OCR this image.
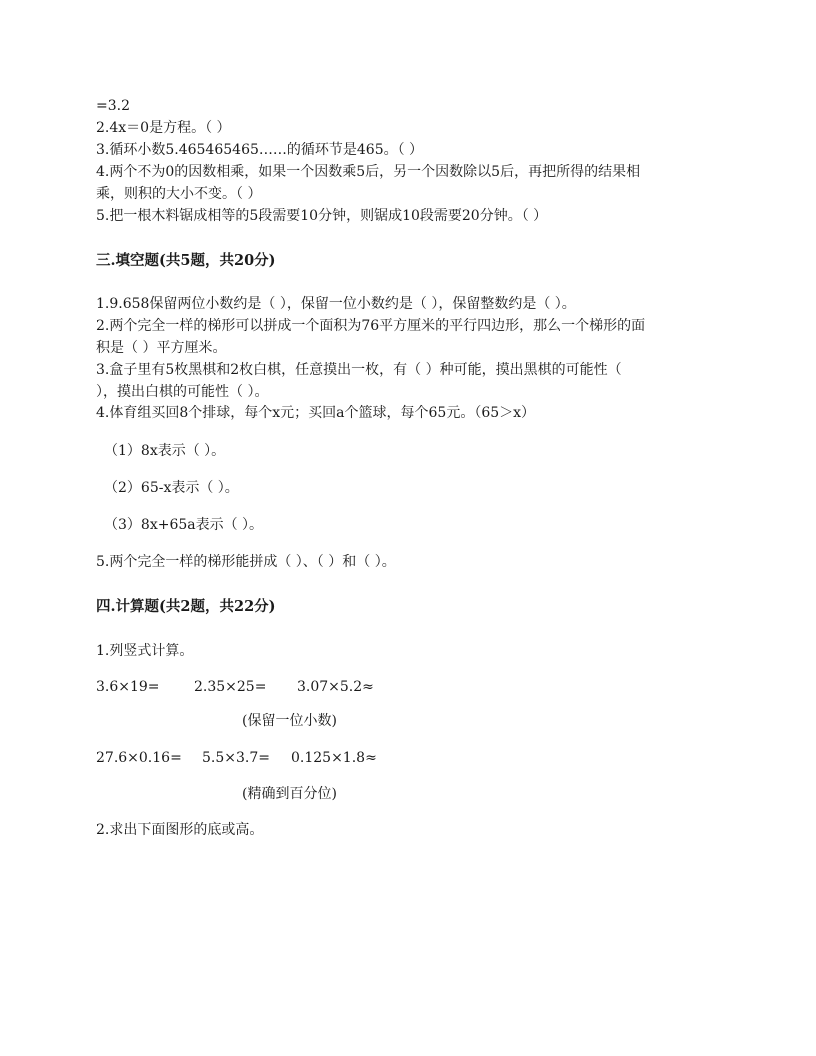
=3.2
2.4x＝0是方程。（ ）
3.循环小数5.465465465……的循环节是465。（ ）
4.两个不为0的因数相乘，如果一个因数乘5后，另一个因数除以5后，再把所得的结果相
乘，则积的大小不变。（ ）
5.把一根木料锯成相等的5段需要10分钟，则锯成10段需要20分钟。（ ）
三.填空题(共5题，共20分)
1.9.658保留两位小数约是（ ），保留一位小数约是（ ），保留整数约是（ ）。
2.两个完全一样的梯形可以拼成一个面积为76平方厘米的平行四边形，那么一个梯形的面
积是（ ）平方厘米。
3.盒子里有5枚黑棋和2枚白棋，任意摸出一枚，有（ ）种可能，摸出黑棋的可能性（
），摸出白棋的可能性（ ）。
4.体育组买回8个排球，每个x元；买回a个篮球，每个65元。（65＞x）
（1）8x表示（ ）。
（2）65-x表示（ ）。
（3）8x+65a表示（ ）。
5.两个完全一样的梯形能拼成（ ）、（ ）和（ ）。
四.计算题(共2题，共22分)
1.列竖式计算。
3.6×19= 2.35×25= 3.07×5.2≈
(保留一位小数)
27.6×0.16= 5.5×3.7= 0.125×1.8≈
(精确到百分位)
2.求出下面图形的底或高。
